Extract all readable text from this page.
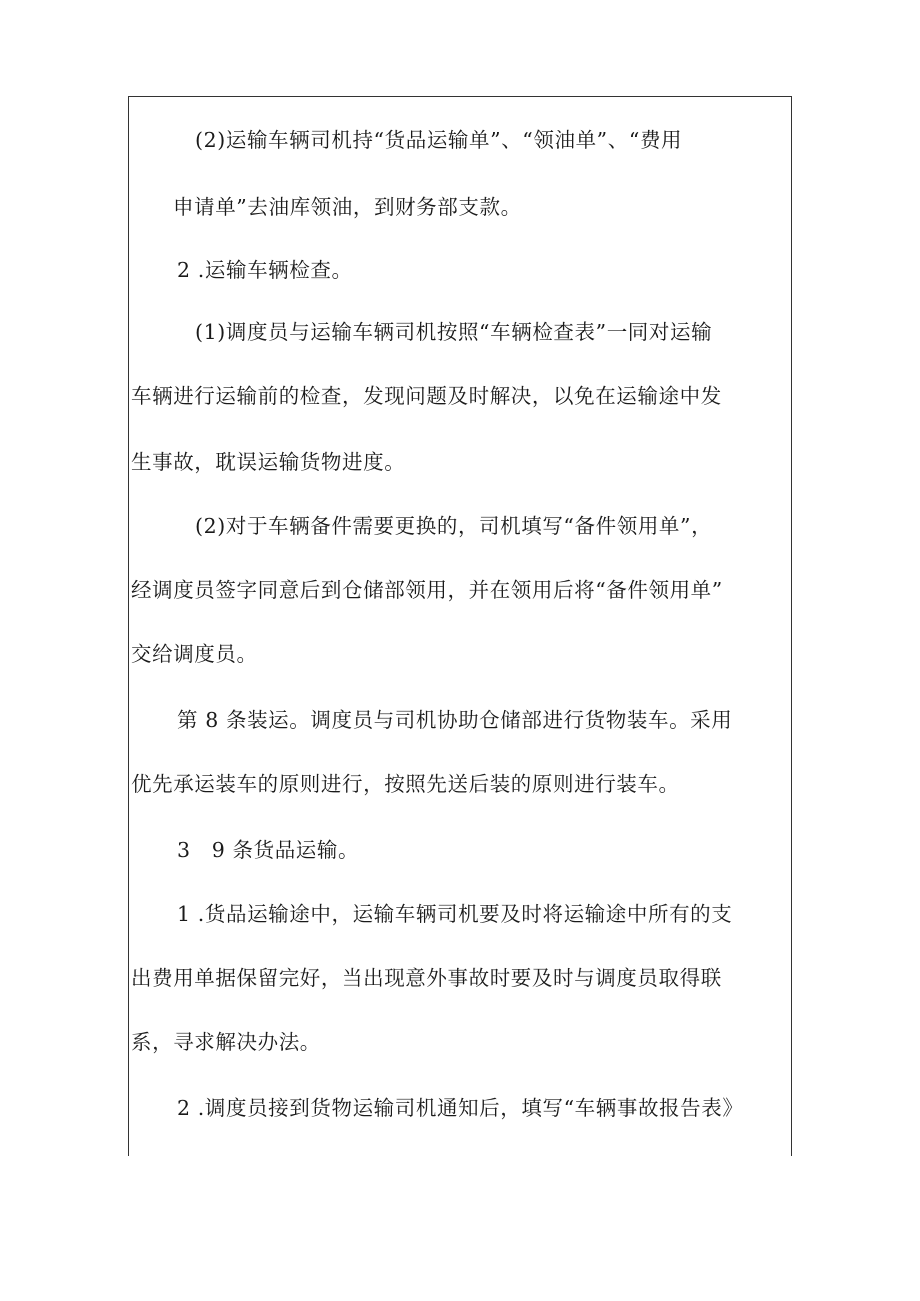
(2)运输车辆司机持“货品运输单”、“领油单”、“费用
申请单”去油库领油，到财务部支款。
2 .运输车辆检查。
(1)调度员与运输车辆司机按照“车辆检查表”一同对运输
车辆进行运输前的检查，发现问题及时解决，以免在运输途中发
生事故，耽误运输货物进度。
(2)对于车辆备件需要更换的，司机填写“备件领用单”，
经调度员签字同意后到仓储部领用，并在领用后将“备件领用单”
交给调度员。
第 8 条装运。调度员与司机协助仓储部进行货物装车。采用
优先承运装车的原则进行，按照先送后装的原则进行装车。
3　9 条货品运输。
1 .货品运输途中，运输车辆司机要及时将运输途中所有的支
出费用单据保留完好，当出现意外事故时要及时与调度员取得联
系，寻求解决办法。
2 .调度员接到货物运输司机通知后，填写“车辆事故报告表》
